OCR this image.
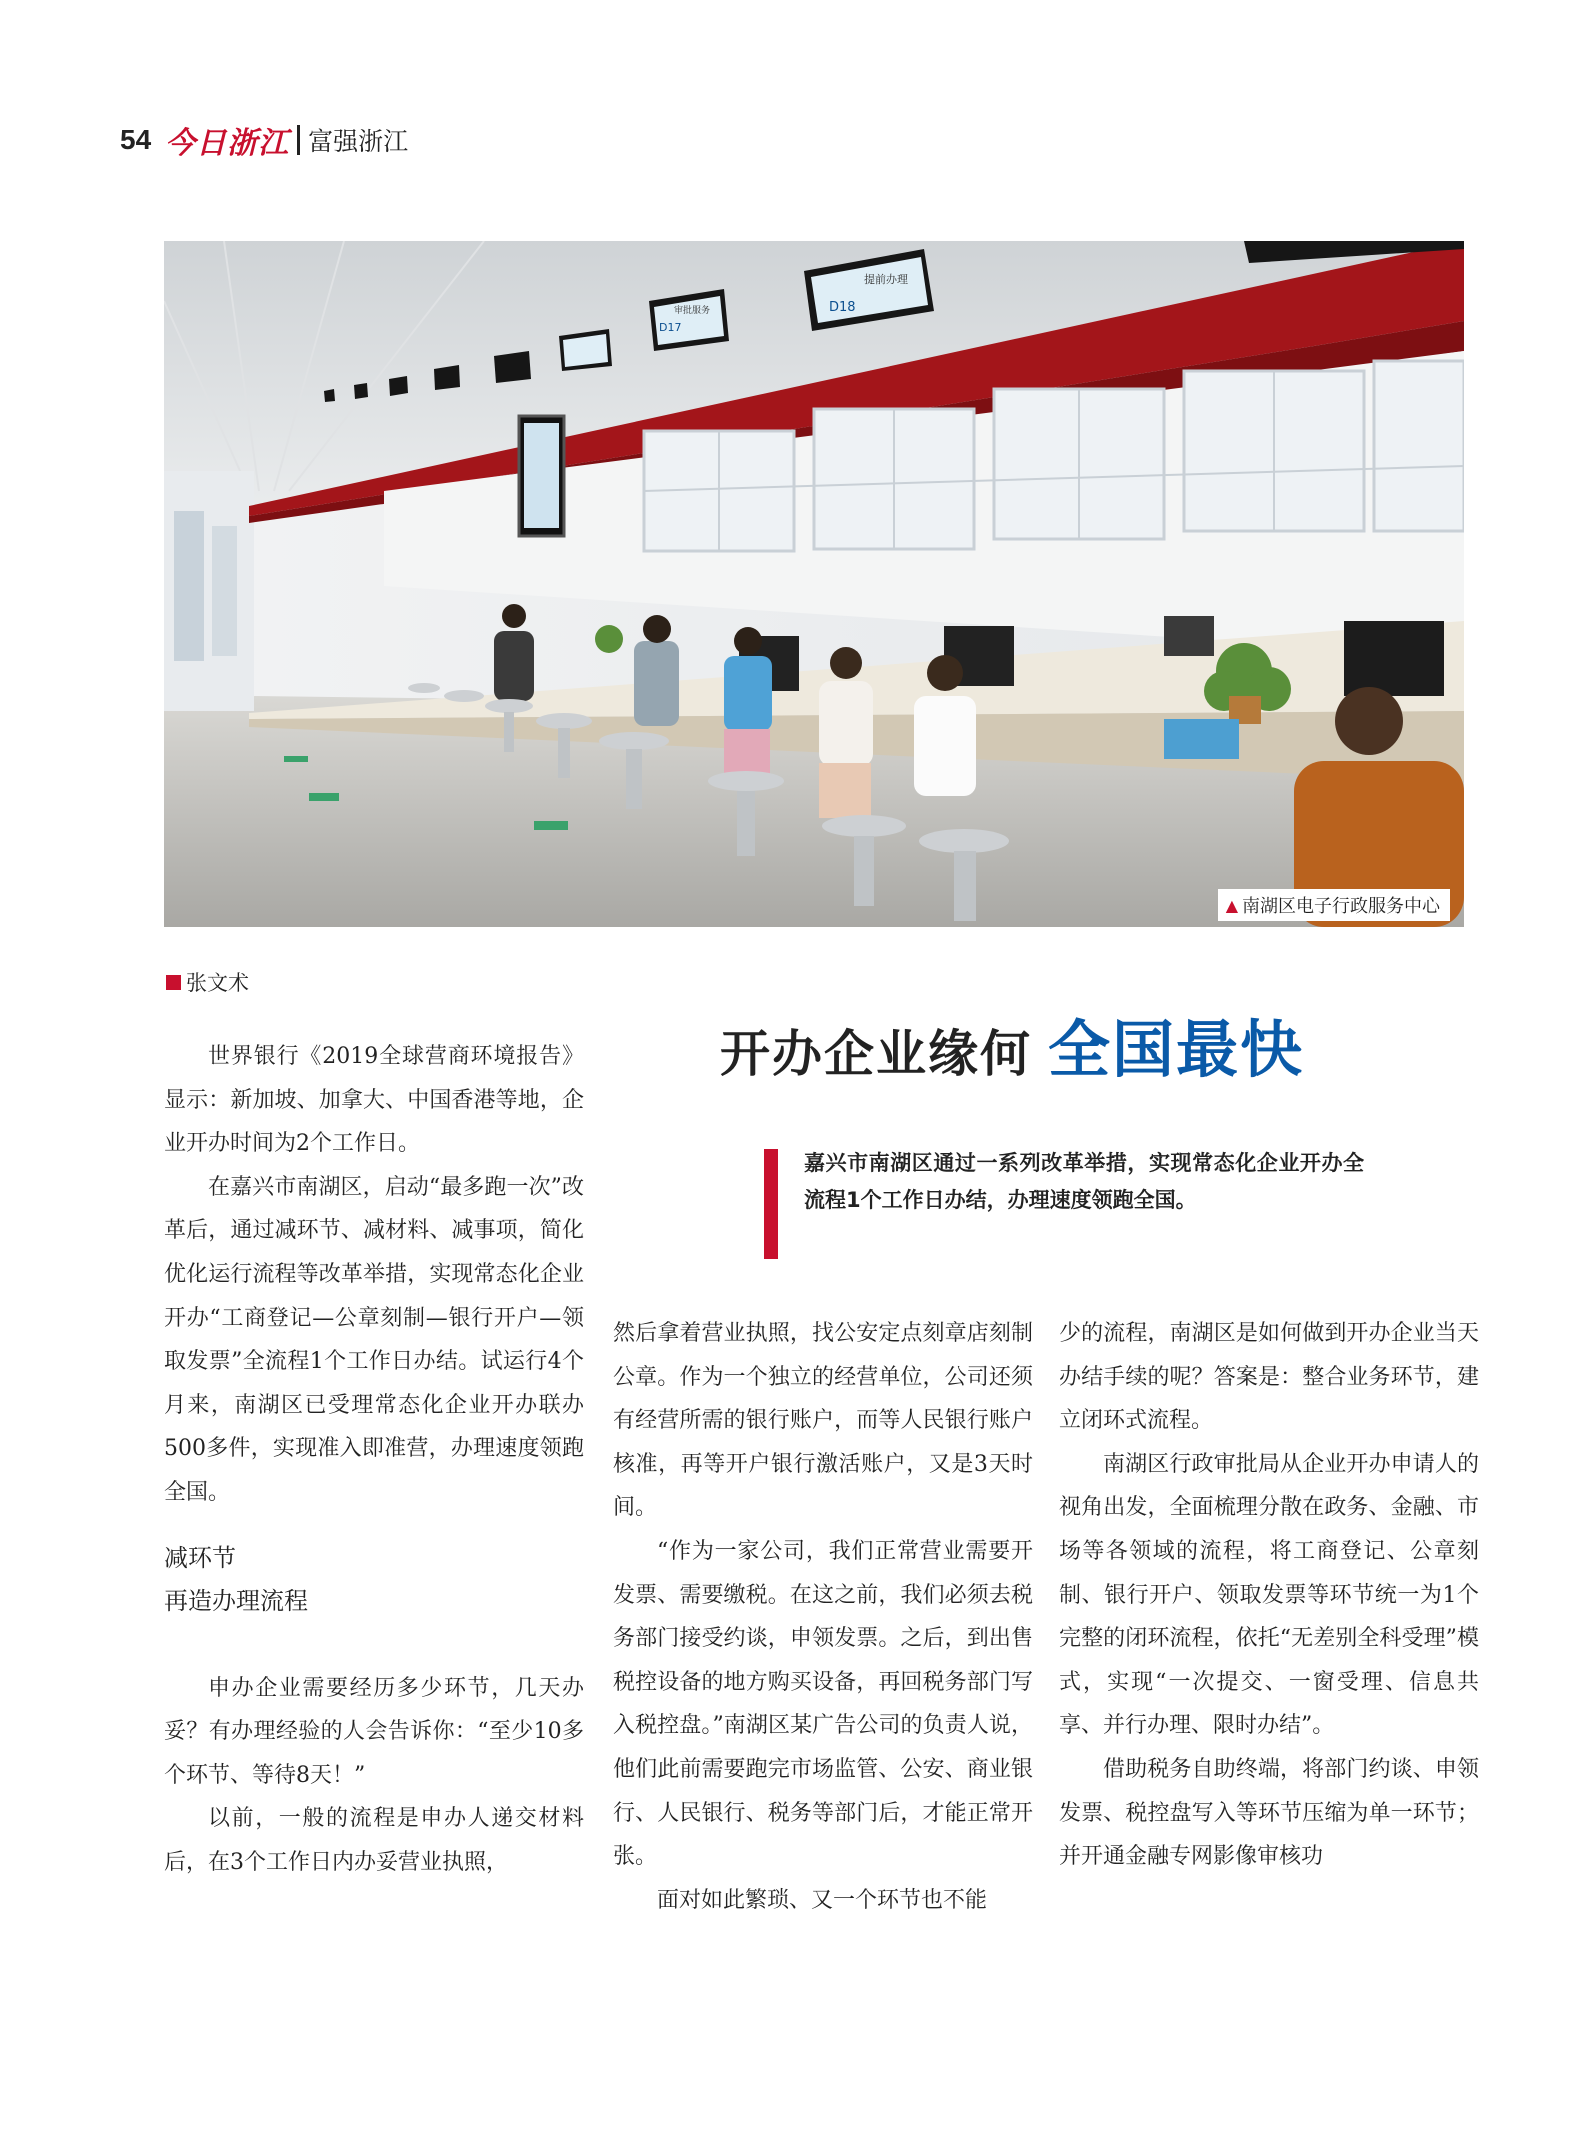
54 今日浙江 富强浙江
D18
提前办理
D17
审批服务
▲ 南湖区电子行政服务中心
张文术
开办企业缘何 全国最快

嘉兴市南湖区通过一系列改革举措，实现常态化企业开办全流程1个工作日办结，办理速度领跑全国。

世界银行《2019全球营商环境报告》显示：新加坡、加拿大、中国香港等地，企业开办时间为2个工作日。

在嘉兴市南湖区，启动“最多跑一次”改革后，通过减环节、减材料、减事项，简化优化运行流程等改革举措，实现常态化企业开办“工商登记—公章刻制—银行开户—领取发票”全流程1个工作日办结。试运行4个月来，南湖区已受理常态化企业开办联办500多件，实现准入即准营，办理速度领跑全国。

减环节

再造办理流程

申办企业需要经历多少环节，几天办妥？有办理经验的人会告诉你：“至少10多个环节、等待8天！”

以前，一般的流程是申办人递交材料后，在3个工作日内办妥营业执照，

然后拿着营业执照，找公安定点刻章店刻制公章。作为一个独立的经营单位，公司还须有经营所需的银行账户，而等人民银行账户核准，再等开户银行激活账户，又是3天时间。

“作为一家公司，我们正常营业需要开发票、需要缴税。在这之前，我们必须去税务部门接受约谈，申领发票。之后，到出售税控设备的地方购买设备，再回税务部门写入税控盘。”南湖区某广告公司的负责人说，他们此前需要跑完市场监管、公安、商业银行、人民银行、税务等部门后，才能正常开张。

面对如此繁琐、又一个环节也不能

少的流程，南湖区是如何做到开办企业当天办结手续的呢？答案是：整合业务环节，建立闭环式流程。

南湖区行政审批局从企业开办申请人的视角出发，全面梳理分散在政务、金融、市场等各领域的流程，将工商登记、公章刻制、银行开户、领取发票等环节统一为1个完整的闭环流程，依托“无差别全科受理”模式，实现“一次提交、一窗受理、信息共享、并行办理、限时办结”。

借助税务自助终端，将部门约谈、申领发票、税控盘写入等环节压缩为单一环节；并开通金融专网影像审核功
